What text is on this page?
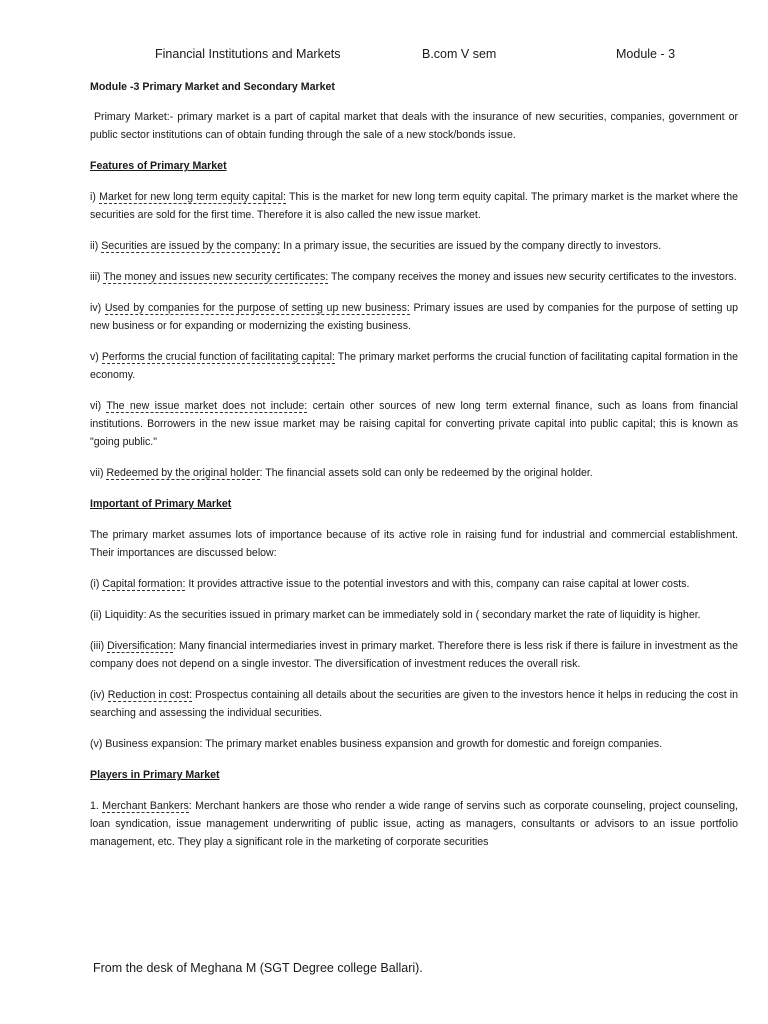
Financial Institutions and Markets	B.com V sem	Module - 3

Module -3 Primary Market and Secondary Market

Primary Market:- primary market is a part of capital market that deals with the insurance of new securities, companies, government or public sector institutions can of obtain funding through the sale of a new stock/bonds issue.

Features of Primary Market

i) Market for new long term equity capital: This is the market for new long term equity capital. The primary market is the market where the securities are sold for the first time. Therefore it is also called the new issue market.

ii) Securities are issued by the company: In a primary issue, the securities are issued by the company directly to investors.

iii) The money and issues new security certificates: The company receives the money and issues new security certificates to the investors.

iv) Used by companies for the purpose of setting up new business: Primary issues are used by companies for the purpose of setting up new business or for expanding or modernizing the existing business.

v) Performs the crucial function of facilitating capital: The primary market performs the crucial function of facilitating capital formation in the economy.

vi) The new issue market does not include: certain other sources of new long term external finance, such as loans from financial institutions. Borrowers in the new issue market may be raising capital for converting private capital into public capital; this is known as "going public."

vii) Redeemed by the original holder: The financial assets sold can only be redeemed by the original holder.

Important of Primary Market

The primary market assumes lots of importance because of its active role in raising fund for industrial and commercial establishment. Their importances are discussed below:

(i) Capital formation: It provides attractive issue to the potential investors and with this, company can raise capital at lower costs.

(ii) Liquidity: As the securities issued in primary market can be immediately sold in ( secondary market the rate of liquidity is higher.

(iii) Diversification: Many financial intermediaries invest in primary market. Therefore there is less risk if there is failure in investment as the company does not depend on a single investor. The diversification of investment reduces the overall risk.

(iv) Reduction in cost: Prospectus containing all details about the securities are given to the investors hence it helps in reducing the cost in searching and assessing the individual securities.

(v) Business expansion: The primary market enables business expansion and growth for domestic and foreign companies.

Players in Primary Market

1. Merchant Bankers: Merchant hankers are those who render a wide range of servins such as corporate counseling, project counseling, loan syndication, issue management underwriting of public issue, acting as managers, consultants or advisors to an issue portfolio management, etc. They play a significant role in the marketing of corporate securities

From the desk of Meghana M (SGT Degree college Ballari).
